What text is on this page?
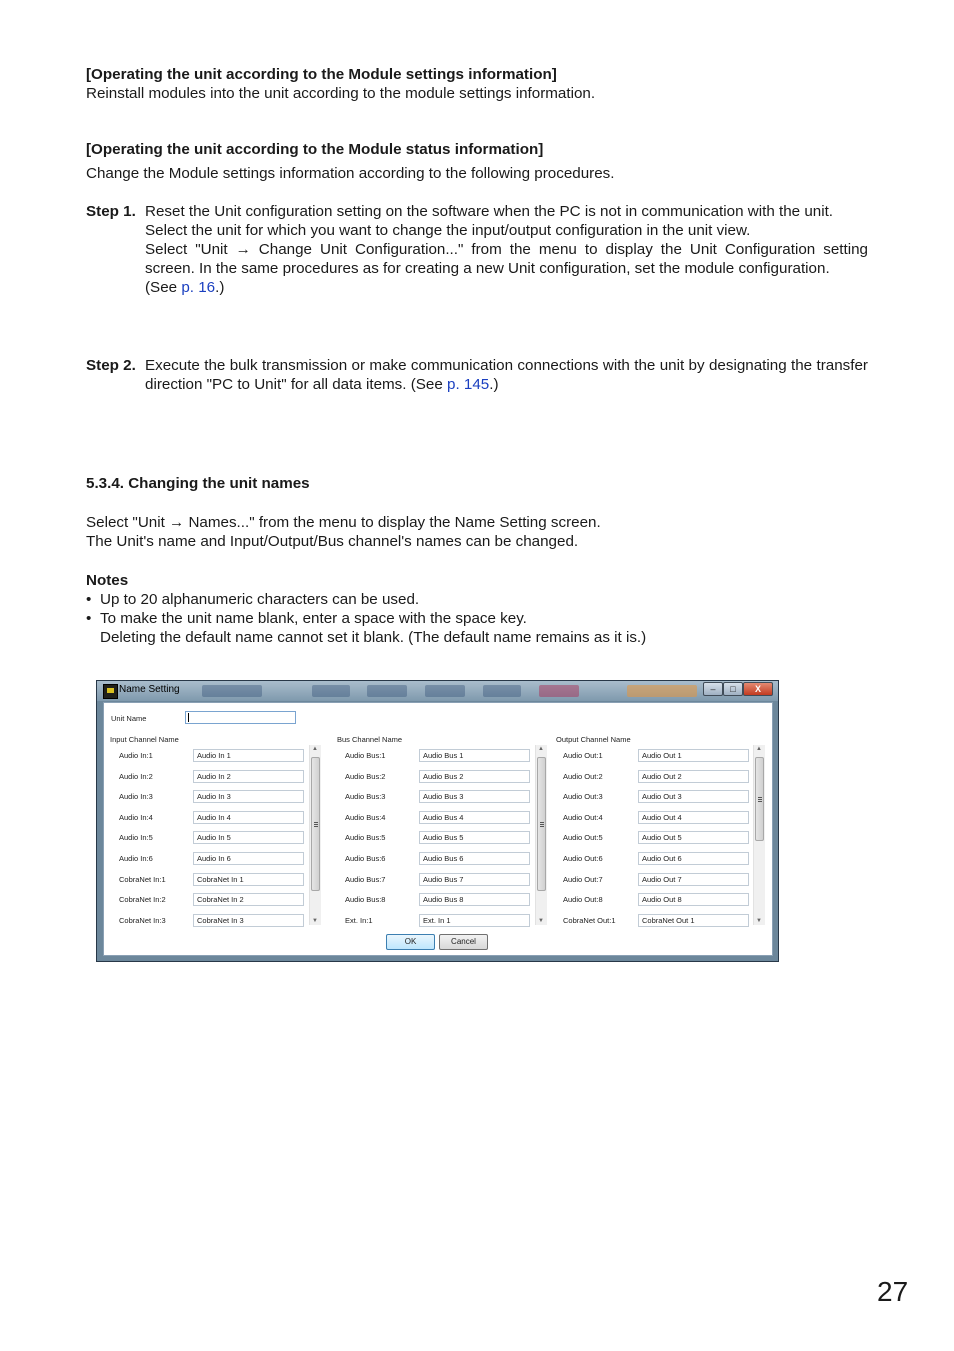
[Operating the unit according to the Module settings information]

Reinstall modules into the unit according to the module settings information.

[Operating the unit according to the Module status information]

Change the Module settings information according to the following procedures.

Step 1. Reset the Unit configuration setting on the software when the PC is not in communication with the unit.
Select the unit for which you want to change the input/output configuration in the unit view.
Select "Unit → Change Unit Configuration..." from the menu to display the Unit Configuration setting screen. In the same procedures as for creating a new Unit configuration, set the module configuration.
(See p. 16.)
Step 2. Execute the bulk transmission or make communication connections with the unit by designating the transfer direction "PC to Unit" for all data items. (See p. 145.)

5.3.4. Changing the unit names

Select "Unit → Names..." from the menu to display the Name Setting screen.

The Unit's name and Input/Output/Bus channel's names can be changed.

Notes

• Up to 20 alphanumeric characters can be used.
• To make the unit name blank, enter a space with the space key.
Deleting the default name cannot set it blank. (The default name remains as it is.)
Name Setting	–	□	X
Unit Name
Input Channel Name	Bus Channel Name	Output Channel Name
Audio In:1	Audio In 1
Audio In:2	Audio In 2
Audio In:3	Audio In 3
Audio In:4	Audio In 4
Audio In:5	Audio In 5
Audio In:6	Audio In 6
CobraNet In:1	CobraNet In 1
CobraNet In:2	CobraNet In 2
CobraNet In:3	CobraNet In 3
▲
▼
Audio Bus:1	Audio Bus 1
Audio Bus:2	Audio Bus 2
Audio Bus:3	Audio Bus 3
Audio Bus:4	Audio Bus 4
Audio Bus:5	Audio Bus 5
Audio Bus:6	Audio Bus 6
Audio Bus:7	Audio Bus 7
Audio Bus:8	Audio Bus 8
Ext. In:1	Ext. In 1
▲
▼
Audio Out:1	Audio Out 1
Audio Out:2	Audio Out 2
Audio Out:3	Audio Out 3
Audio Out:4	Audio Out 4
Audio Out:5	Audio Out 5
Audio Out:6	Audio Out 6
Audio Out:7	Audio Out 7
Audio Out:8	Audio Out 8
CobraNet Out:1	CobraNet Out 1
▲
▼
OK	Cancel
27
